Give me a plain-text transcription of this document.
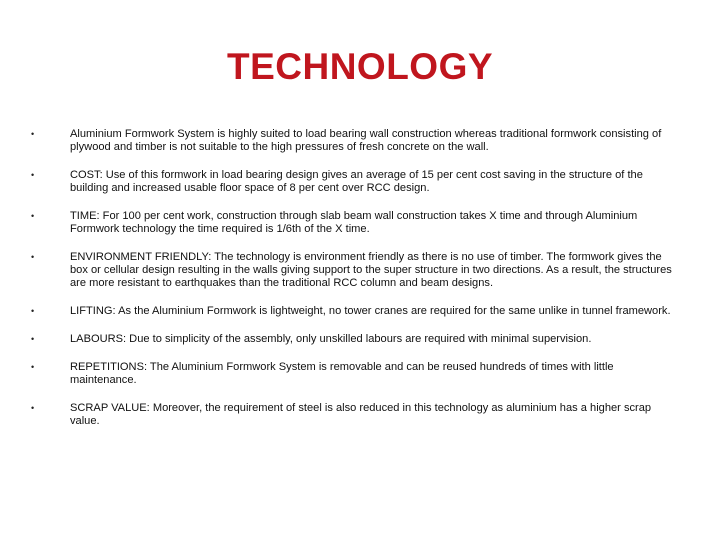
TECHNOLOGY
•	Aluminium Formwork System is highly suited to load bearing wall construction whereas traditional formwork consisting of plywood and timber is not suitable to the high pressures of fresh concrete on the wall.
•	COST: Use of this formwork in load bearing design gives an average of 15 per cent cost saving in the structure of the building and increased usable floor space of 8 per cent over RCC design.
•	TIME: For 100 per cent work, construction through slab beam wall construction takes X time and through Aluminium Formwork technology the time required is 1/6th of the X time.
•	ENVIRONMENT FRIENDLY: The technology is environment friendly as there is no use of timber. The formwork gives the box or cellular design resulting in the walls giving support to the super structure in two directions. As a result, the structures are more resistant to earthquakes than the traditional RCC column and beam designs.
•	LIFTING: As the Aluminium Formwork is lightweight, no tower cranes are required for the same unlike in tunnel framework.
•	LABOURS: Due to simplicity of the assembly, only unskilled labours are required with minimal supervision.
•	REPETITIONS: The Aluminium Formwork System is removable and can be reused hundreds of times with little maintenance.
•	SCRAP VALUE: Moreover, the requirement of steel is also reduced in this technology as aluminium has a higher scrap value.
